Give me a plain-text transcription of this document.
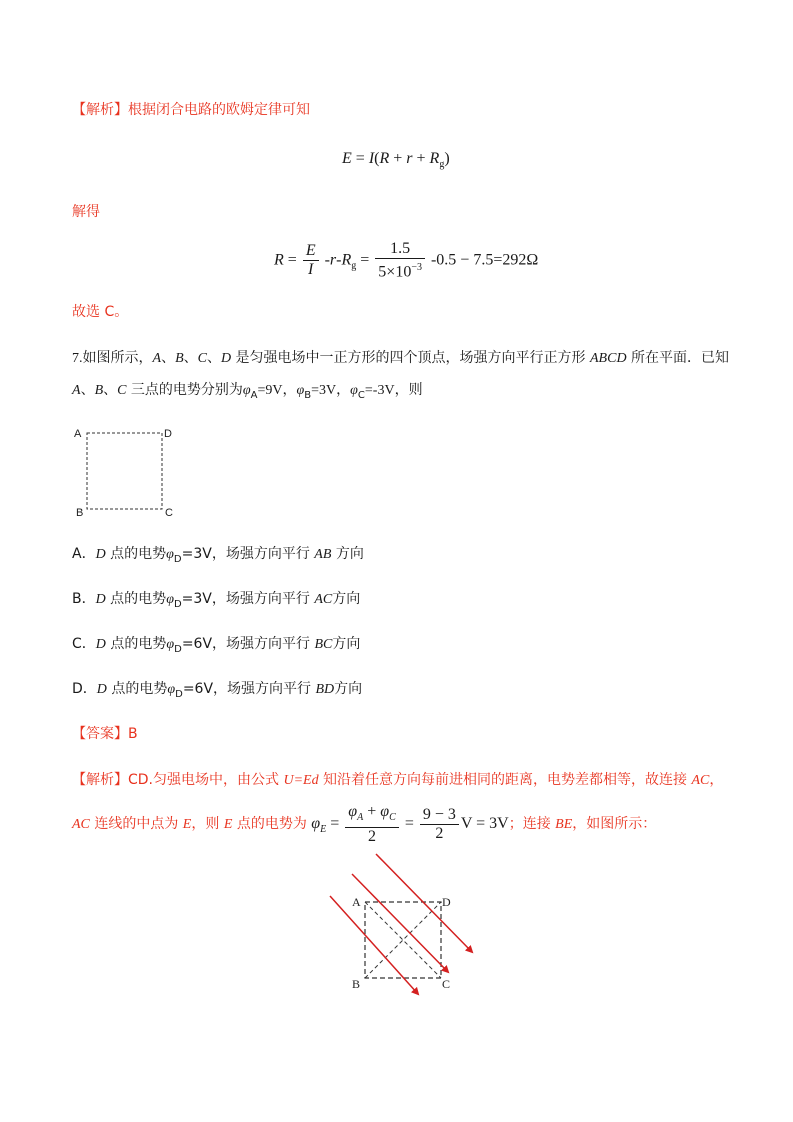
【解析】根据闭合电路的欧姆定律可知
$E = I(R + r + R_g)$
解得
$R = \frac{E}{I} -r-R_g = \frac{1.5}{5\times 10^{-3}} -0.5 - 7.5=292\Omega$
故选 C。
7.如图所示，A、B、C、D 是匀强电场中一正方形的四个顶点，场强方向平行正方形 ABCD 所在平面．已知
A、B、C 三点的电势分别为$\varphi_A=9V$，$\varphi_B=3V$，$\varphi_C=-3V$，则
A	D
B	C
A．D 点的电势$\varphi_D=3V$，场强方向平行 AB 方向
B．D 点的电势$\varphi_D=3V$，场强方向平行 AC方向
C．D 点的电势$\varphi_D=6V$，场强方向平行 BC方向
D．D 点的电势$\varphi_D=6V$，场强方向平行 BD方向
【答案】B
【解析】CD.匀强电场中，由公式 U=Ed 知沿着任意方向每前进相同的距离，电势差都相等，故连接 AC，
AC 连线的中点为 E，则 E 点的电势为 $\varphi_E = \frac{\varphi_A + \varphi_C}{2} = \frac{9 - 3}{2}$ V = 3V；连接 BE，如图所示：
A	D
B	C
